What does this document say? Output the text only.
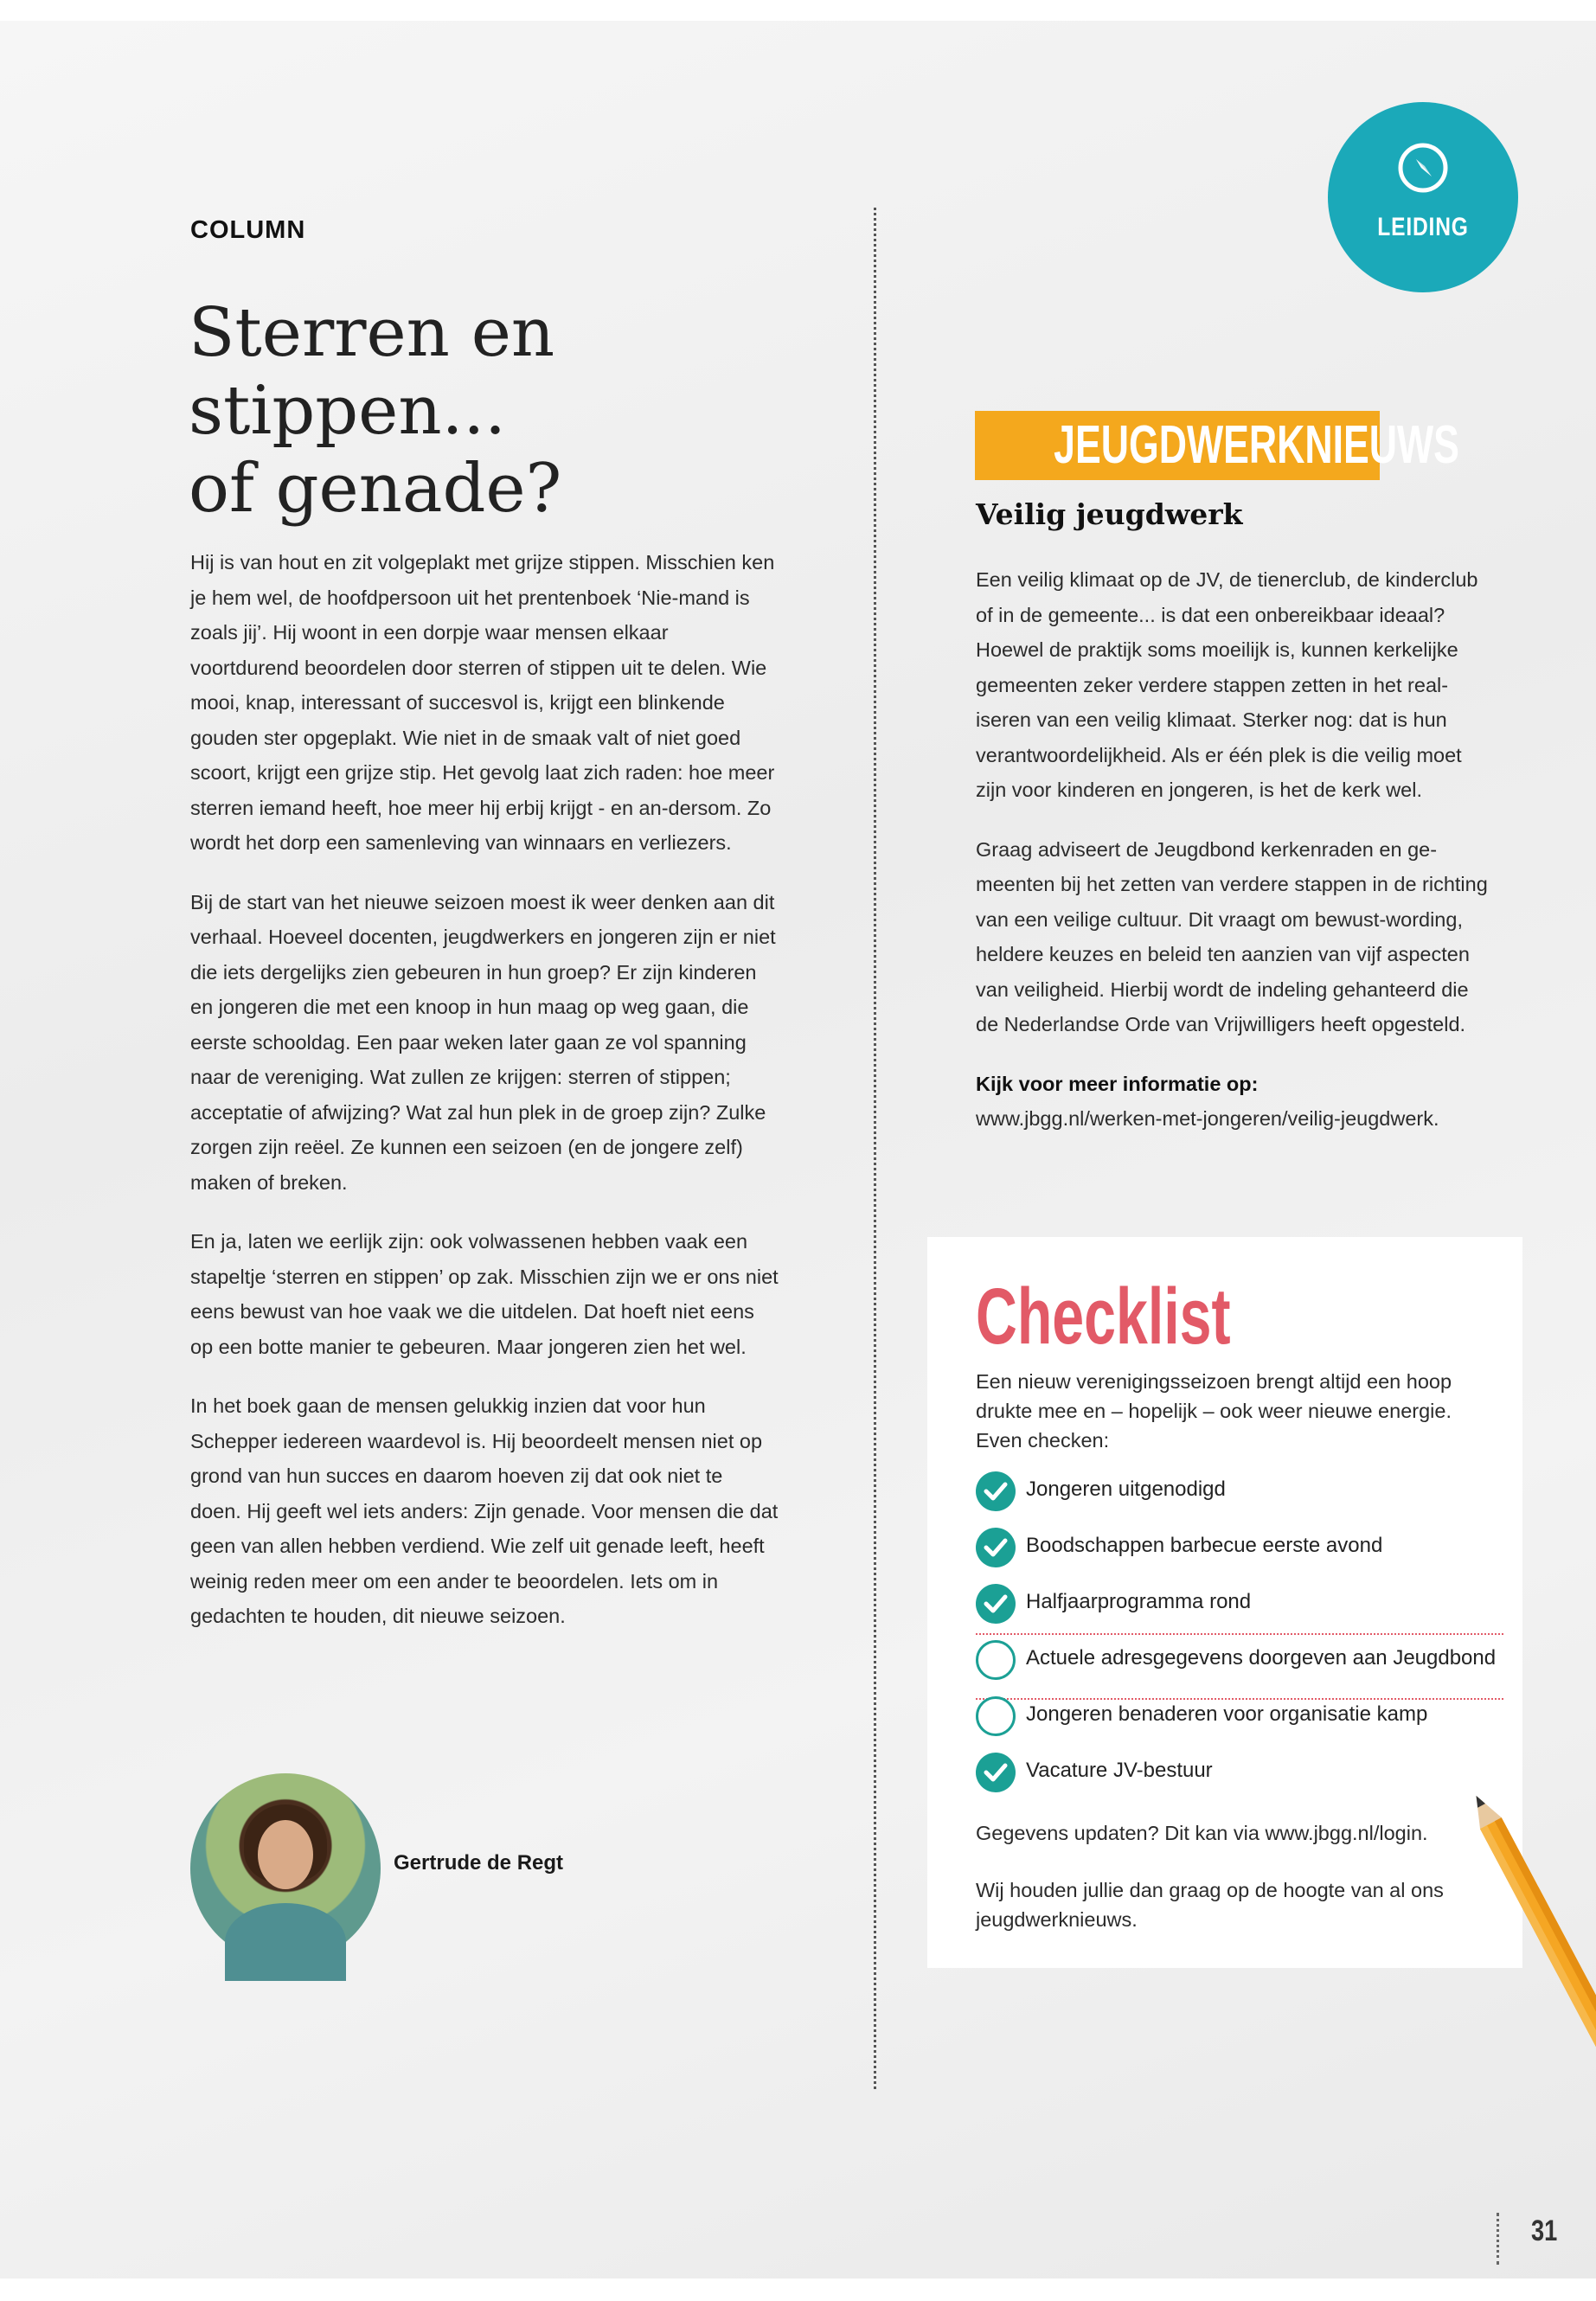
LEIDING
COLUMN
Sterren en stippen...
of genade?

Hij is van hout en zit volgeplakt met grijze stippen. Misschien ken je hem wel, de hoofdpersoon uit het prentenboek ‘Nie-mand is zoals jij’. Hij woont in een dorpje waar mensen elkaar voortdurend beoordelen door sterren of stippen uit te delen. Wie mooi, knap, interessant of succesvol is, krijgt een blinkende gouden ster opgeplakt. Wie niet in de smaak valt of niet goed scoort, krijgt een grijze stip. Het gevolg laat zich raden: hoe meer sterren iemand heeft, hoe meer hij erbij krijgt - en an-dersom. Zo wordt het dorp een samenleving van winnaars en verliezers.

Bij de start van het nieuwe seizoen moest ik weer denken aan dit verhaal. Hoeveel docenten, jeugdwerkers en jongeren zijn er niet die iets dergelijks zien gebeuren in hun groep? Er zijn kinderen en jongeren die met een knoop in hun maag op weg gaan, die eerste schooldag. Een paar weken later gaan ze vol spanning naar de vereniging. Wat zullen ze krijgen: sterren of stippen; acceptatie of afwijzing? Wat zal hun plek in de groep zijn? Zulke zorgen zijn reëel. Ze kunnen een seizoen (en de jongere zelf) maken of breken.

En ja, laten we eerlijk zijn: ook volwassenen hebben vaak een stapeltje ‘sterren en stippen’ op zak. Misschien zijn we er ons niet eens bewust van hoe vaak we die uitdelen. Dat hoeft niet eens op een botte manier te gebeuren. Maar jongeren zien het wel.

In het boek gaan de mensen gelukkig inzien dat voor hun Schepper iedereen waardevol is. Hij beoordeelt mensen niet op grond van hun succes en daarom hoeven zij dat ook niet te doen. Hij geeft wel iets anders: Zijn genade. Voor mensen die dat geen van allen hebben verdiend. Wie zelf uit genade leeft, heeft weinig reden meer om een ander te beoordelen. Iets om in gedachten te houden, dit nieuwe seizoen.

Gertrude de Regt
JEUGDWERKNIEUWS
Veilig jeugdwerk

Een veilig klimaat op de JV, de tienerclub, de kinderclub of in de gemeente... is dat een onbereikbaar ideaal? Hoewel de praktijk soms moeilijk is, kunnen kerkelijke gemeenten zeker verdere stappen zetten in het real-iseren van een veilig klimaat. Sterker nog: dat is hun verantwoordelijkheid. Als er één plek is die veilig moet zijn voor kinderen en jongeren, is het de kerk wel.

Graag adviseert de Jeugdbond kerkenraden en ge-meenten bij het zetten van verdere stappen in de richting van een veilige cultuur. Dit vraagt om bewust-wording, heldere keuzes en beleid ten aanzien van vijf aspecten van veiligheid. Hierbij wordt de indeling gehanteerd die de Nederlandse Orde van Vrijwilligers heeft opgesteld.

Kijk voor meer informatie op:
www.jbgg.nl/werken-met-jongeren/veilig-jeugdwerk.

Checklist
Een nieuw verenigingsseizoen brengt altijd een hoop drukte mee en – hopelijk – ook weer nieuwe energie. Even checken:
Jongeren uitgenodigd
Boodschappen barbecue eerste avond
Halfjaarprogramma rond
Actuele adresgegevens doorgeven aan Jeugdbond
Jongeren benaderen voor organisatie kamp
Vacature JV-bestuur
Gegevens updaten? Dit kan via www.jbgg.nl/login.
Wij houden jullie dan graag op de hoogte van al ons jeugdwerknieuws.
31
